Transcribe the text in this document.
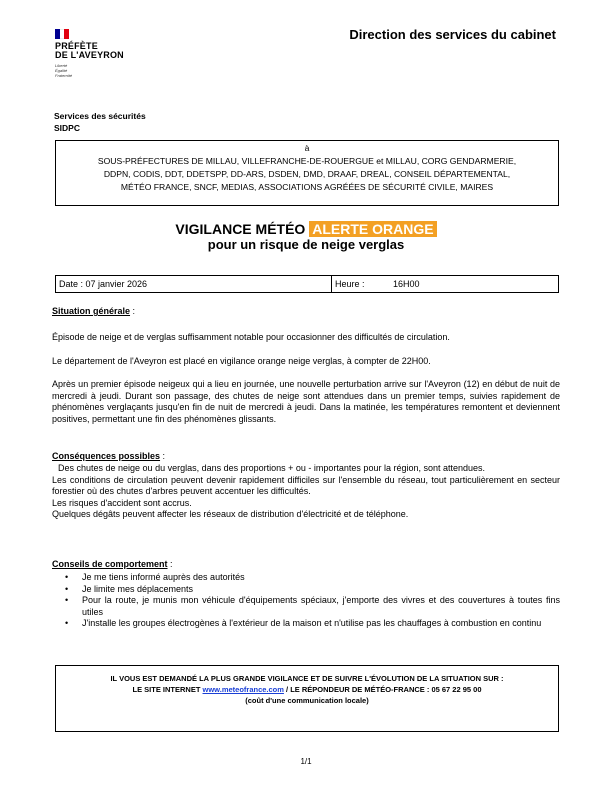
PRÉFÈTE
DE L'AVEYRON
Liberté
Égalité
Fraternité
Direction des services du cabinet
Services des sécurités
SIDPC
à
SOUS-PRÉFECTURES DE MILLAU, VILLEFRANCHE-DE-ROUERGUE et MILLAU, CORG GENDARMERIE,
DDPN, CODIS, DDT, DDETSPP, DD-ARS, DSDEN, DMD, DRAAF, DREAL, CONSEIL DÉPARTEMENTAL,
MÉTÉO FRANCE, SNCF, MEDIAS, ASSOCIATIONS AGRÉÉES DE SÉCURITÉ CIVILE, MAIRES
VIGILANCE MÉTÉO ALERTE ORANGE
pour un risque de neige verglas
Date : 07 janvier 2026	Heure :	16H00
Situation générale :
Épisode de neige et de verglas suffisamment notable pour occasionner des difficultés de circulation.
Le département de l'Aveyron est placé en vigilance orange neige verglas, à compter de 22H00.
Après un premier épisode neigeux qui a lieu en journée, une nouvelle perturbation arrive sur l'Aveyron (12) en début de nuit de mercredi à jeudi. Durant son passage, des chutes de neige sont attendues dans un premier temps, suivies rapidement de phénomènes verglaçants jusqu'en fin de nuit de mercredi à jeudi. Dans la matinée, les températures remontent et deviennent positives, permettant une fin des phénomènes glissants.
Conséquences possibles :
Des chutes de neige ou du verglas, dans des proportions + ou - importantes pour la région, sont attendues.
Les conditions de circulation peuvent devenir rapidement difficiles sur l'ensemble du réseau, tout particulièrement en secteur forestier où des chutes d'arbres peuvent accentuer les difficultés.
Les risques d'accident sont accrus.
Quelques dégâts peuvent affecter les réseaux de distribution d'électricité et de téléphone.
Conseils de comportement :
• Je me tiens informé auprès des autorités
• Je limite mes déplacements
• Pour la route, je munis mon véhicule d'équipements spéciaux, j'emporte des vivres et des couvertures à toutes fins utiles
• J'installe les groupes électrogènes à l'extérieur de la maison et n'utilise pas les chauffages à combustion en continu
IL VOUS EST DEMANDÉ LA PLUS GRANDE VIGILANCE ET DE SUIVRE L'ÉVOLUTION DE LA SITUATION SUR :
LE SITE INTERNET www.meteofrance.com / LE RÉPONDEUR DE MÉTÉO-FRANCE : 05 67 22 95 00
(coût d'une communication locale)
1/1
